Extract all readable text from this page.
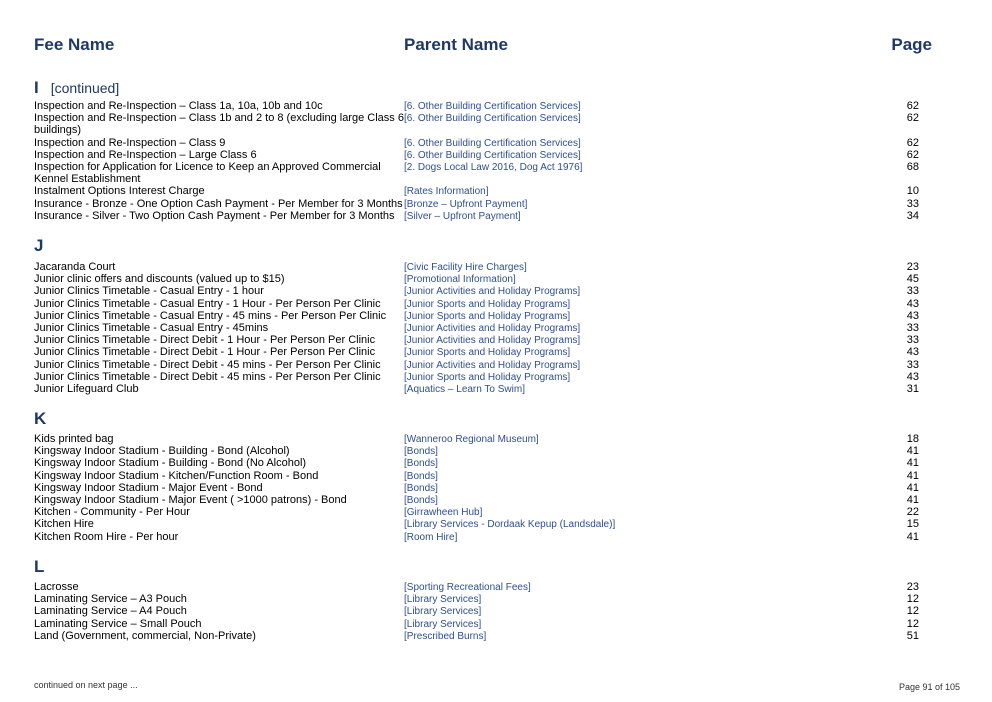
Fee Name	Parent Name	Page
I [continued]
Inspection and Re-Inspection – Class 1a, 10a, 10b and 10c	[6. Other Building Certification Services]	62
Inspection and Re-Inspection – Class 1b and 2 to 8 (excluding large Class 6 buildings)
[6. Other Building Certification Services]	62
Inspection and Re-Inspection – Class 9	[6. Other Building Certification Services]	62
Inspection and Re-Inspection – Large Class 6	[6. Other Building Certification Services]	62
Inspection for Application for Licence to Keep an Approved Commercial Kennel Establishment
[2. Dogs Local Law 2016, Dog Act 1976]	68
Instalment Options Interest Charge	[Rates Information]	10
Insurance - Bronze - One Option Cash Payment - Per Member for 3 Months [Bronze – Upfront Payment]	33
Insurance - Silver - Two Option Cash Payment - Per Member for 3 Months [Silver – Upfront Payment]	34
J
Jacaranda Court	[Civic Facility Hire Charges]	23
Junior clinic offers and discounts (valued up to $15)	[Promotional Information]	45
Junior Clinics Timetable - Casual Entry - 1 hour	[Junior Activities and Holiday Programs]	33
Junior Clinics Timetable - Casual Entry - 1 Hour - Per Person Per Clinic	[Junior Sports and Holiday Programs]	43
Junior Clinics Timetable - Casual Entry - 45 mins - Per Person Per Clinic	[Junior Sports and Holiday Programs]	43
Junior Clinics Timetable - Casual Entry - 45mins	[Junior Activities and Holiday Programs]	33
Junior Clinics Timetable - Direct Debit - 1 Hour - Per Person Per Clinic	[Junior Activities and Holiday Programs]	33
Junior Clinics Timetable - Direct Debit - 1 Hour - Per Person Per Clinic	[Junior Sports and Holiday Programs]	43
Junior Clinics Timetable - Direct Debit - 45 mins - Per Person Per Clinic	[Junior Activities and Holiday Programs]	33
Junior Clinics Timetable - Direct Debit - 45 mins - Per Person Per Clinic	[Junior Sports and Holiday Programs]	43
Junior Lifeguard Club	[Aquatics – Learn To Swim]	31
K
Kids printed bag	[Wanneroo Regional Museum]	18
Kingsway Indoor Stadium - Building - Bond (Alcohol)	[Bonds]	41
Kingsway Indoor Stadium - Building - Bond (No Alcohol)	[Bonds]	41
Kingsway Indoor Stadium - Kitchen/Function Room - Bond	[Bonds]	41
Kingsway Indoor Stadium - Major Event - Bond	[Bonds]	41
Kingsway Indoor Stadium - Major Event ( >1000 patrons) - Bond	[Bonds]	41
Kitchen - Community - Per Hour	[Girrawheen Hub]	22
Kitchen Hire	[Library Services - Dordaak Kepup (Landsdale)]	15
Kitchen Room Hire - Per hour	[Room Hire]	41
L
Lacrosse	[Sporting Recreational Fees]	23
Laminating Service – A3 Pouch	[Library Services]	12
Laminating Service – A4 Pouch	[Library Services]	12
Laminating Service – Small Pouch	[Library Services]	12
Land (Government, commercial, Non-Private)	[Prescribed Burns]	51
continued on next page ...	Page 91 of 105
